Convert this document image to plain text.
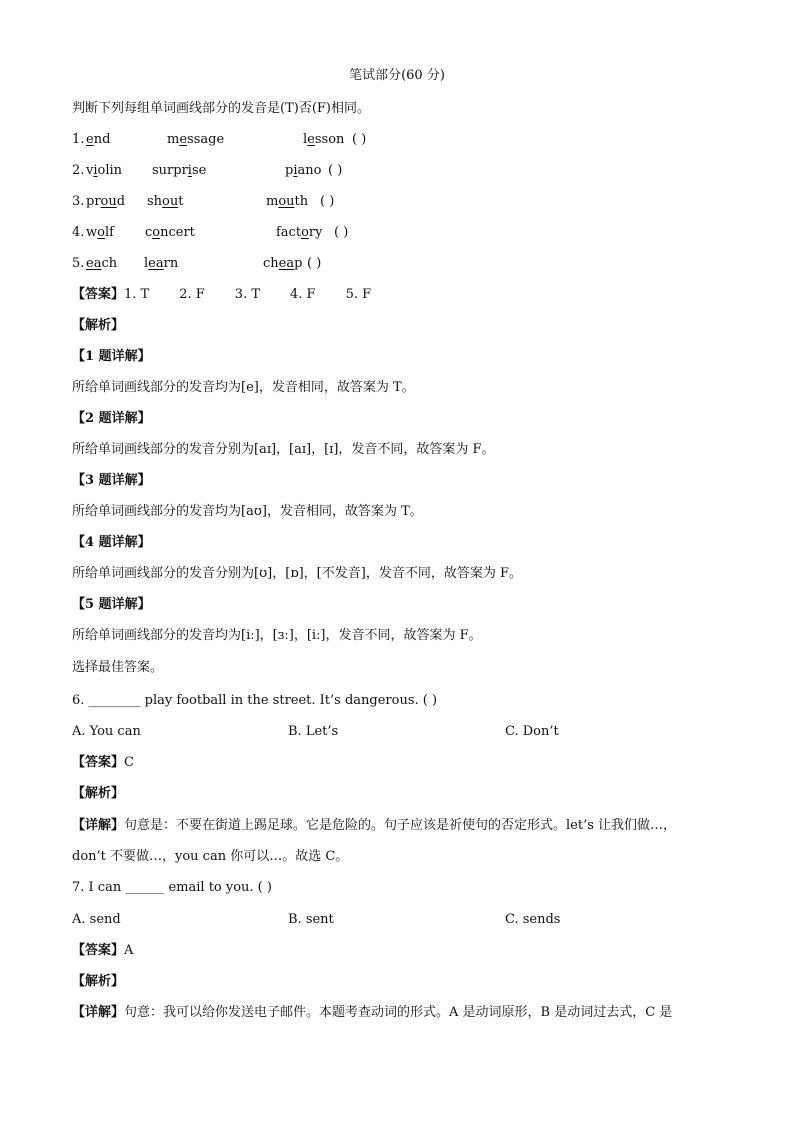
笔试部分(60 分)
判断下列每组单词画线部分的发音是(T)否(F)相同。
1. end	message	lesson ( )
2. violin surprise	piano ( )
3. proud shout	mouth ( )
4. wolf concert	factory ( )
5. each learn	cheap ( )
【答案】1. T 2. F 3. T 4. F 5. F
【解析】
【1 题详解】
所给单词画线部分的发音均为[e]，发音相同，故答案为 T。
【2 题详解】
所给单词画线部分的发音分别为[aɪ]，[aɪ]，[ɪ]，发音不同，故答案为 F。
【3 题详解】
所给单词画线部分的发音均为[aʊ]，发音相同，故答案为 T。
【4 题详解】
所给单词画线部分的发音分别为[ʊ]，[ɒ]，[不发音]，发音不同，故答案为 F。
【5 题详解】
所给单词画线部分的发音均为[iː]，[ɜː]，[iː]，发音不同，故答案为 F。
选择最佳答案。
6. ________ play football in the street. It’s dangerous. ( )
A. You can	B. Let’s	C. Don’t
【答案】C
【解析】
【详解】句意是：不要在街道上踢足球。它是危险的。句子应该是祈使句的否定形式。let’s 让我们做…，
don’t 不要做…，you can 你可以…。故选 C。
7. I can ______ email to you. ( )
A. send	B. sent	C. sends
【答案】A
【解析】
【详解】句意：我可以给你发送电子邮件。本题考查动词的形式。A 是动词原形，B 是动词过去式，C 是
